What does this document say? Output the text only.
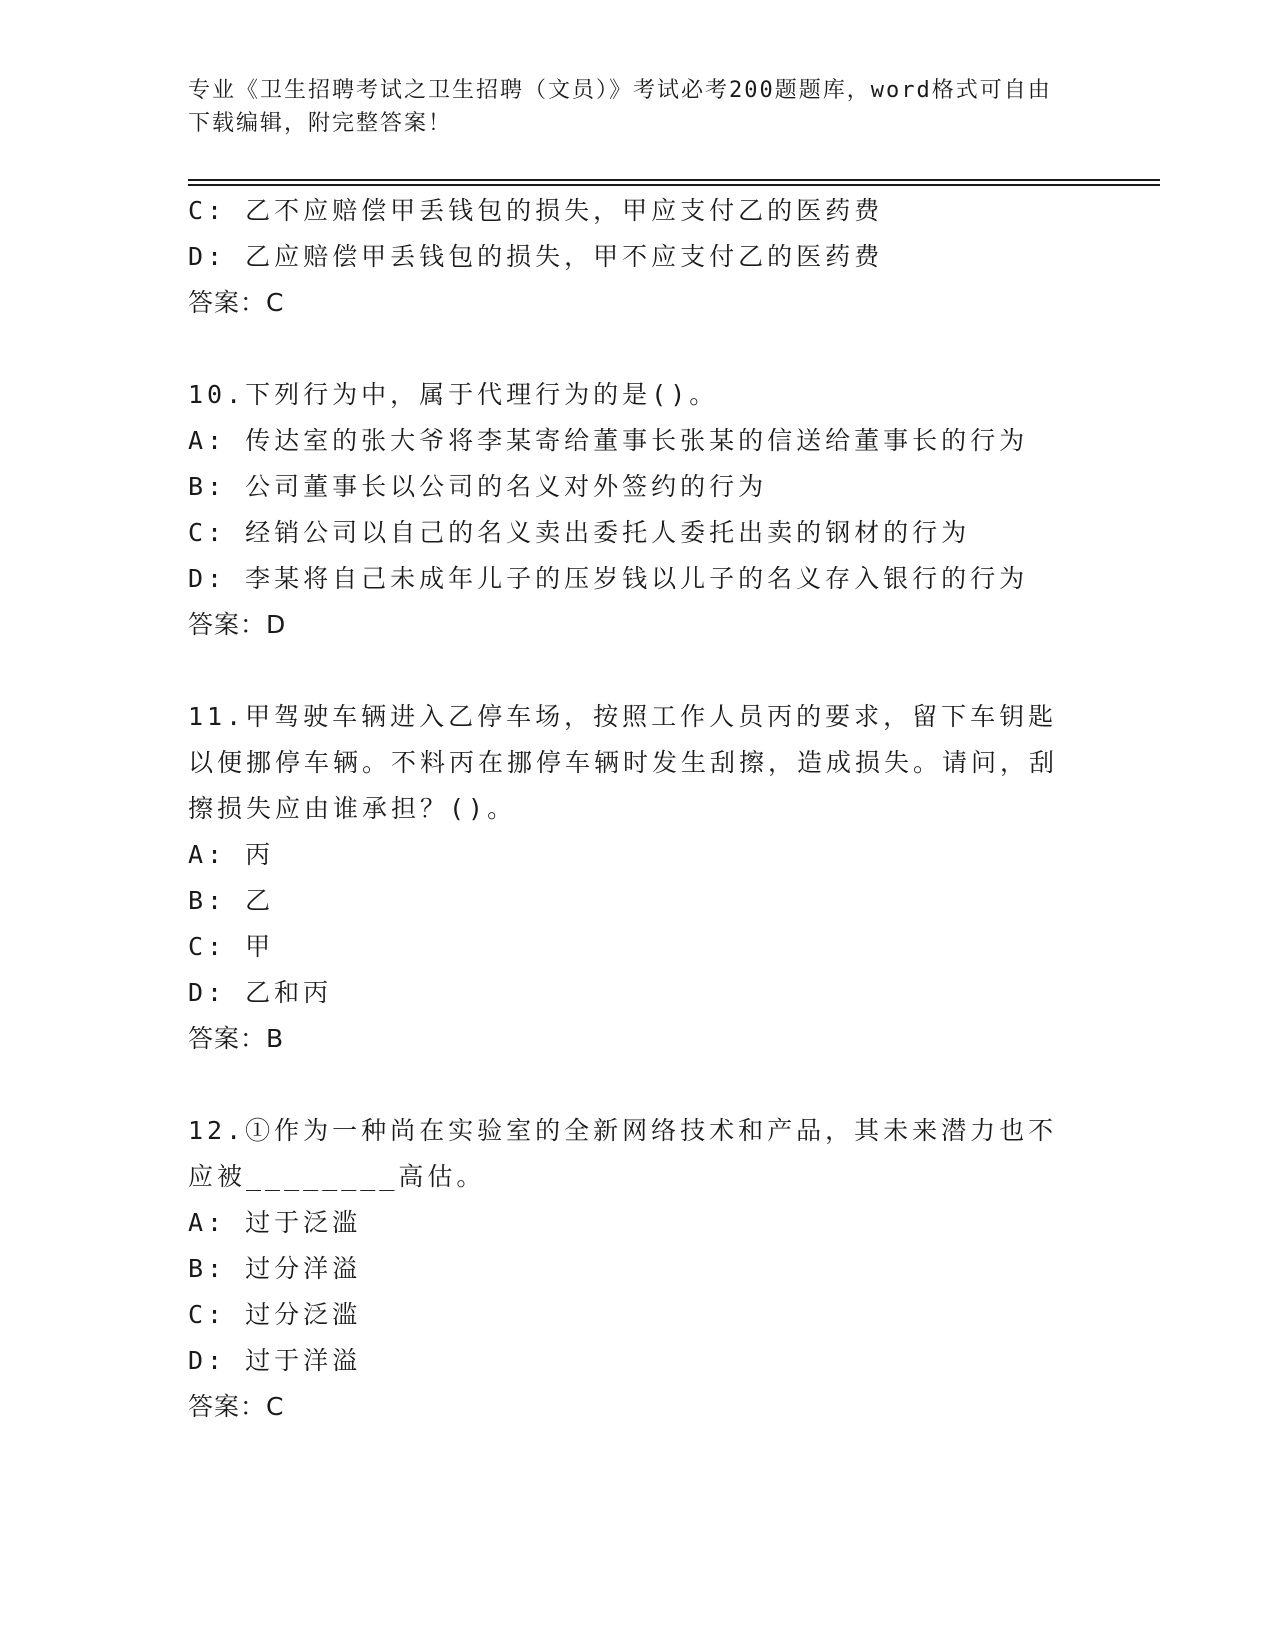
专业《卫生招聘考试之卫生招聘（文员）》考试必考200题题库，word格式可自由下载编辑，附完整答案！
C: 乙不应赔偿甲丢钱包的损失，甲应支付乙的医药费
D: 乙应赔偿甲丢钱包的损失，甲不应支付乙的医药费
答案：C
10.下列行为中，属于代理行为的是()。
A: 传达室的张大爷将李某寄给董事长张某的信送给董事长的行为
B: 公司董事长以公司的名义对外签约的行为
C: 经销公司以自己的名义卖出委托人委托出卖的钢材的行为
D: 李某将自己未成年儿子的压岁钱以儿子的名义存入银行的行为
答案：D
11.甲驾驶车辆进入乙停车场，按照工作人员丙的要求，留下车钥匙以便挪停车辆。不料丙在挪停车辆时发生刮擦，造成损失。请问，刮擦损失应由谁承担？()。
A: 丙
B: 乙
C: 甲
D: 乙和丙
答案：B
12.①作为一种尚在实验室的全新网络技术和产品，其未来潜力也不应被________高估。
A: 过于泛滥
B: 过分洋溢
C: 过分泛滥
D: 过于洋溢
答案：C
